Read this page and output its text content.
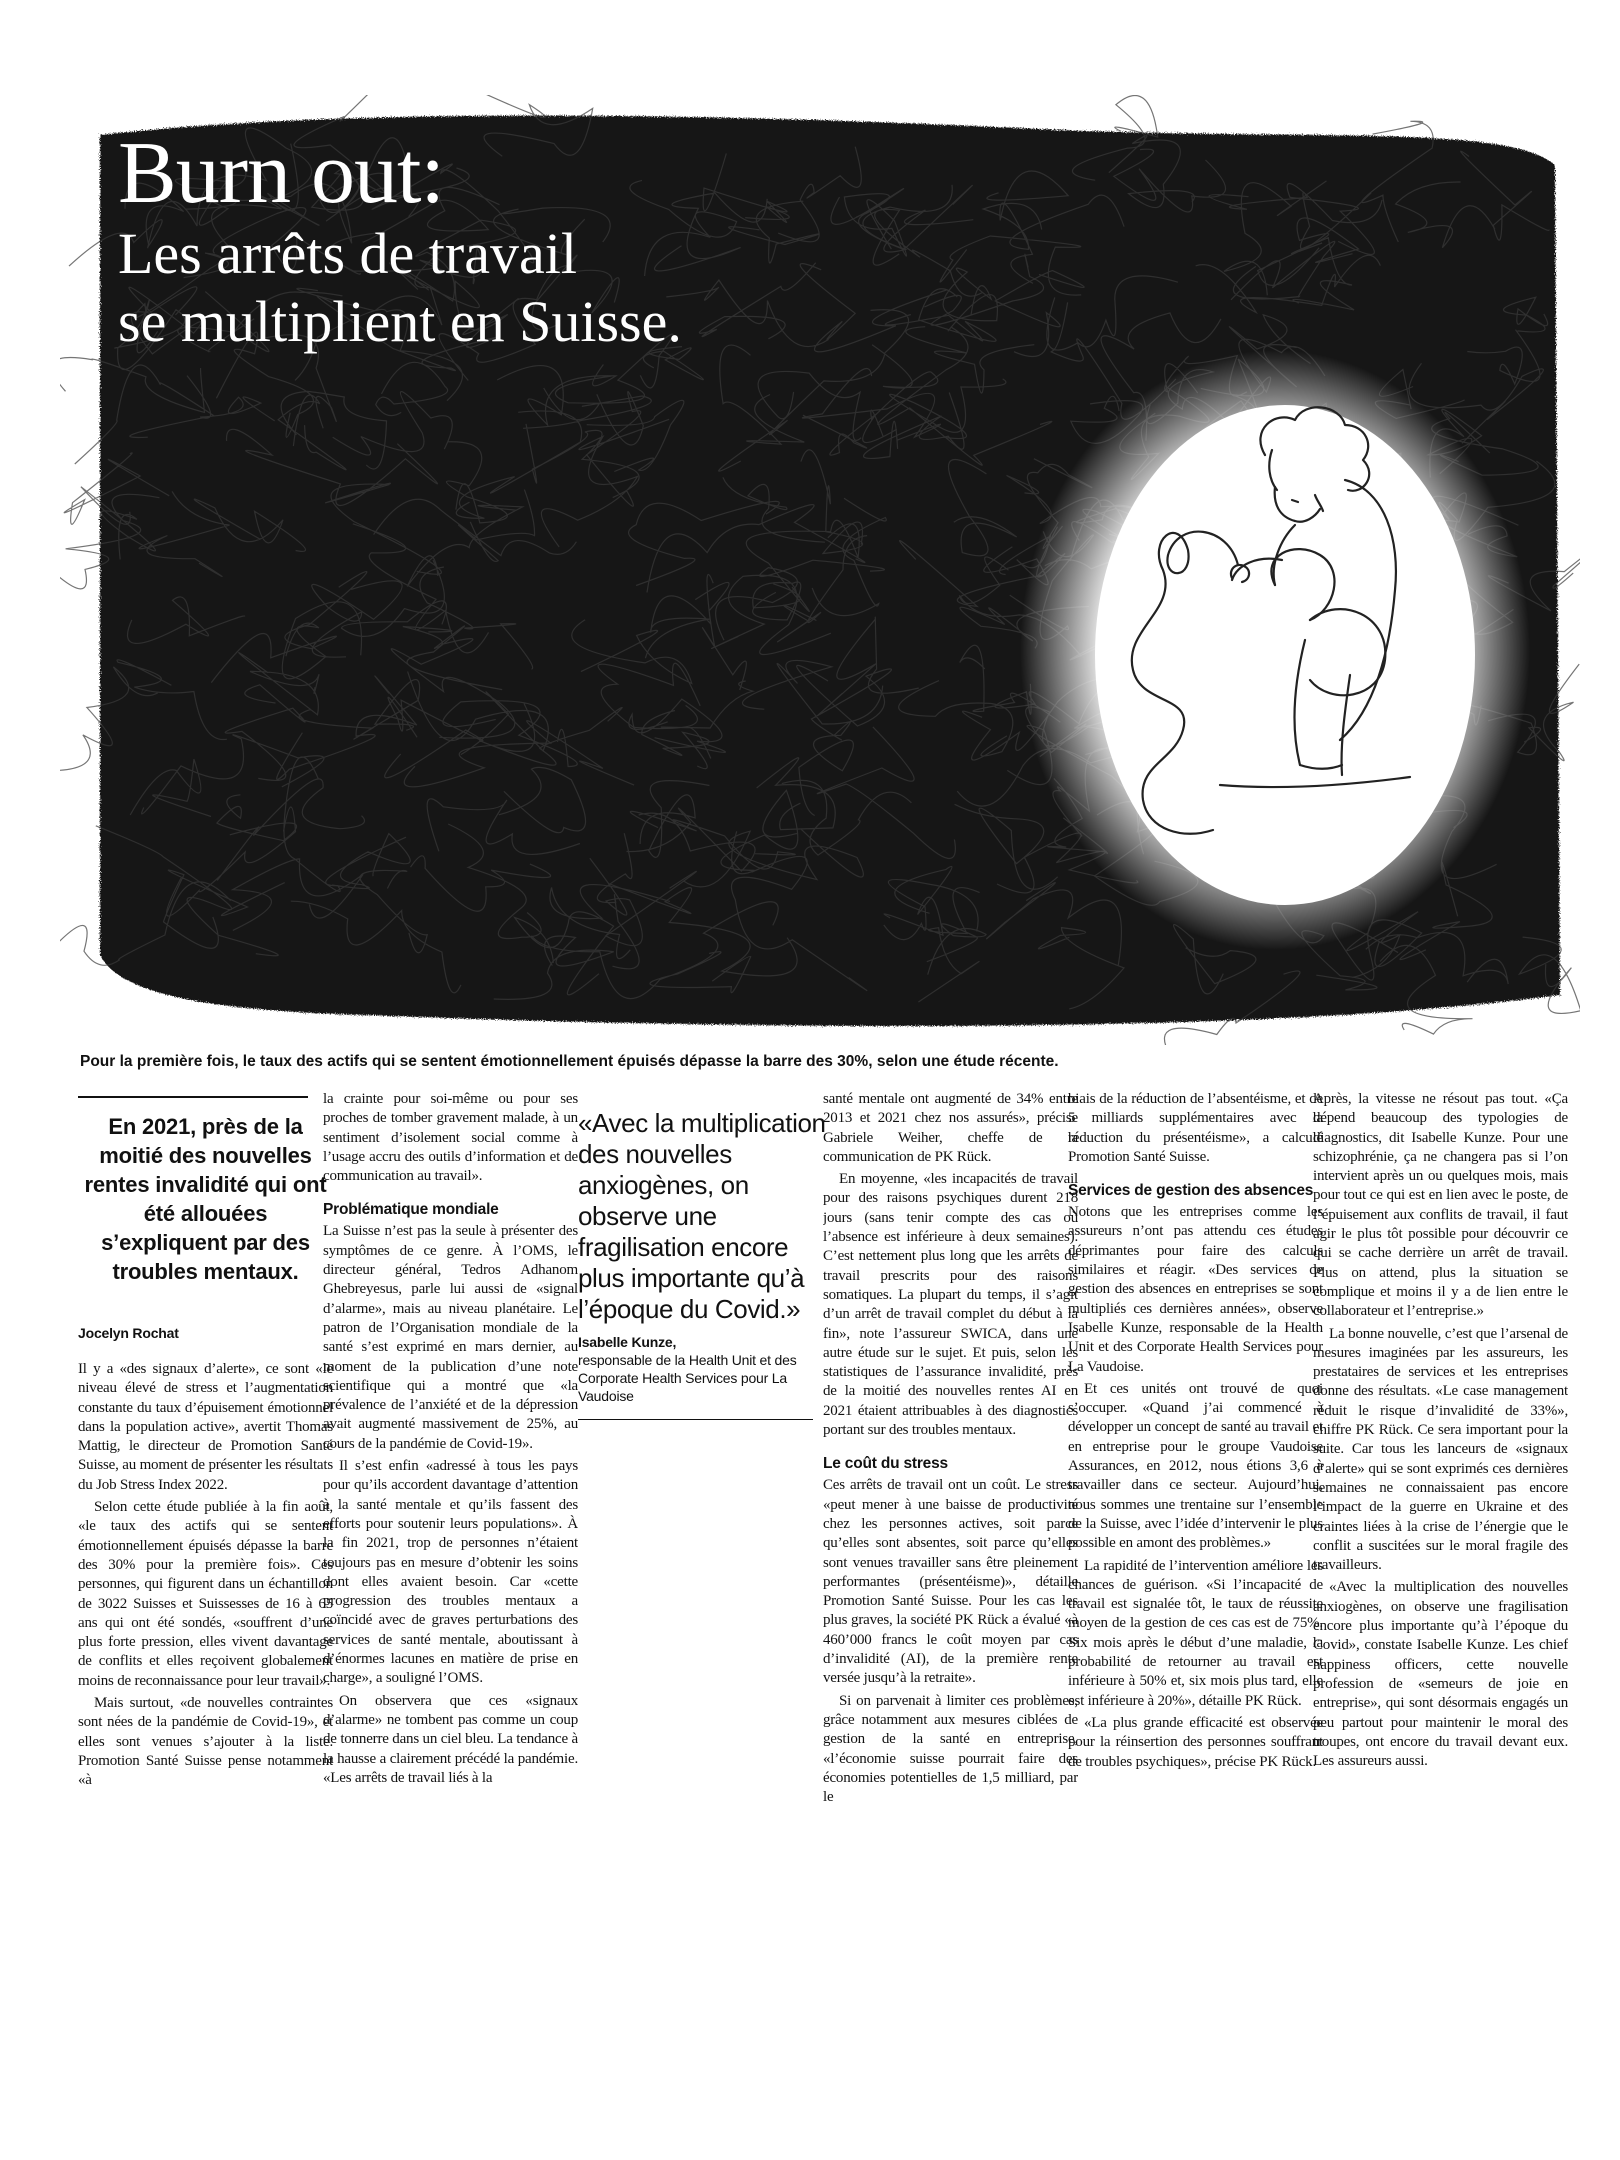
Burn out:
Les arrêts de travail
se multiplient en Suisse.
Pour la première fois, le taux des actifs qui se sentent émotionnellement épuisés dépasse la barre des 30%, selon une étude récente.
En 2021, près de la moitié des nouvelles rentes invalidité qui ont été allouées s’expliquent par des troubles mentaux.
Jocelyn Rochat

Il y a «des signaux d’alerte», ce sont «le niveau élevé de stress et l’augmentation constante du taux d’épuisement émotionnel dans la population active», avertit Thomas Mattig, le directeur de Promotion Santé Suisse, au moment de présenter les résultats du Job Stress Index 2022.

Selon cette étude publiée à la fin août, «le taux des actifs qui se sentent émotionnellement épuisés dépasse la barre des 30% pour la première fois». Ces personnes, qui figurent dans un échantillon de 3022 Suisses et Suissesses de 16 à 65 ans qui ont été sondés, «souffrent d’une plus forte pression, elles vivent davantage de conflits et elles reçoivent globalement moins de reconnaissance pour leur travail».

Mais surtout, «de nouvelles contraintes sont nées de la pandémie de Covid-19», et elles sont venues s’ajouter à la liste. Promotion Santé Suisse pense notamment «à

la crainte pour soi-même ou pour ses proches de tomber gravement malade, à un sentiment d’isolement social comme à l’usage accru des outils d’information et de communication au travail».

Problématique mondiale

La Suisse n’est pas la seule à présenter des symptômes de ce genre. À l’OMS, le directeur général, Tedros Adhanom Ghebreyesus, parle lui aussi de «signal d’alarme», mais au niveau planétaire. Le patron de l’Organisation mondiale de la santé s’est exprimé en mars dernier, au moment de la publication d’une note scientifique qui a montré que «la prévalence de l’anxiété et de la dépression avait augmenté massivement de 25%, au cours de la pandémie de Covid-19».

Il s’est enfin «adressé à tous les pays pour qu’ils accordent davantage d’attention à la santé mentale et qu’ils fassent des efforts pour soutenir leurs populations». À la fin 2021, trop de personnes n’étaient toujours pas en mesure d’obtenir les soins dont elles avaient besoin. Car «cette progression des troubles mentaux a coïncidé avec de graves perturbations des services de santé mentale, aboutissant à d’énormes lacunes en matière de prise en charge», a souligné l’OMS.

On observera que ces «signaux d’alarme» ne tombent pas comme un coup de tonnerre dans un ciel bleu. La tendance à la hausse a clairement précédé la pandémie. «Les arrêts de travail liés à la

«Avec la multiplication des nouvelles anxiogènes, on observe une fragilisation encore plus importante qu’à l’époque du Covid.»
Isabelle Kunze,
responsable de la Health Unit et des Corporate Health Services pour La Vaudoise

santé mentale ont augmenté de 34% entre 2013 et 2021 chez nos assurés», précise Gabriele Weiher, cheffe de la communication de PK Rück.

En moyenne, «les incapacités de travail pour des raisons psychiques durent 218 jours (sans tenir compte des cas où l’absence est inférieure à deux semaines). C’est nettement plus long que les arrêts de travail prescrits pour des raisons somatiques. La plupart du temps, il s’agit d’un arrêt de travail complet du début à la fin», note l’assureur SWICA, dans une autre étude sur le sujet. Et puis, selon les statistiques de l’assurance invalidité, près de la moitié des nouvelles rentes AI en 2021 étaient attribuables à des diagnostics portant sur des troubles mentaux.

Le coût du stress

Ces arrêts de travail ont un coût. Le stress «peut mener à une baisse de productivité chez les personnes actives, soit parce qu’elles sont absentes, soit parce qu’elles sont venues travailler sans être pleinement performantes (présentéisme)», détaille Promotion Santé Suisse. Pour les cas les plus graves, la société PK Rück a évalué «à 460’000 francs le coût moyen par cas d’invalidité (AI), de la première rente versée jusqu’à la retraite».

Si on parvenait à limiter ces problèmes, grâce notamment aux mesures ciblées de gestion de la santé en entreprise, «l’économie suisse pourrait faire des économies potentielles de 1,5 milliard, par le

biais de la réduction de l’absentéisme, et de 5 milliards supplémentaires avec la réduction du présentéisme», a calculé Promotion Santé Suisse.

Services de gestion des absences

Notons que les entreprises comme les assureurs n’ont pas attendu ces études déprimantes pour faire des calculs similaires et réagir. «Des services de gestion des absences en entreprises se sont multipliés ces dernières années», observe Isabelle Kunze, responsable de la Health Unit et des Corporate Health Services pour La Vaudoise.

Et ces unités ont trouvé de quoi s’occuper. «Quand j’ai commencé à développer un concept de santé au travail et en entreprise pour le groupe Vaudoise Assurances, en 2012, nous étions 3,6 à travailler dans ce secteur. Aujourd’hui, nous sommes une trentaine sur l’ensemble de la Suisse, avec l’idée d’intervenir le plus possible en amont des problèmes.»

La rapidité de l’intervention améliore les chances de guérison. «Si l’incapacité de travail est signalée tôt, le taux de réussite moyen de la gestion de ces cas est de 75%. Six mois après le début d’une maladie, la probabilité de retourner au travail est inférieure à 50% et, six mois plus tard, elle est inférieure à 20%», détaille PK Rück.

«La plus grande efficacité est observée pour la réinsertion des personnes souffrant de troubles psychiques», précise PK Rück.

Après, la vitesse ne résout pas tout. «Ça dépend beaucoup des typologies de diagnostics, dit Isabelle Kunze. Pour une schizophrénie, ça ne changera pas si l’on intervient après un ou quelques mois, mais pour tout ce qui est en lien avec le poste, de l’épuisement aux conflits de travail, il faut agir le plus tôt possible pour découvrir ce qui se cache derrière un arrêt de travail. Plus on attend, plus la situation se complique et moins il y a de lien entre le collaborateur et l’entreprise.»

La bonne nouvelle, c’est que l’arsenal de mesures imaginées par les assureurs, les prestataires de services et les entreprises donne des résultats. «Le case management réduit le risque d’invalidité de 33%», chiffre PK Rück. Ce sera important pour la suite. Car tous les lanceurs de «signaux d’alerte» qui se sont exprimés ces dernières semaines ne connaissaient pas encore l’impact de la guerre en Ukraine et des craintes liées à la crise de l’énergie que le conflit a suscitées sur le moral fragile des travailleurs.

«Avec la multiplication des nouvelles anxiogènes, on observe une fragilisation encore plus importante qu’à l’époque du Covid», constate Isabelle Kunze. Les chief happiness officers, cette nouvelle profession de «semeurs de joie en entreprise», qui sont désormais engagés un peu partout pour maintenir le moral des troupes, ont encore du travail devant eux. Les assureurs aussi.
